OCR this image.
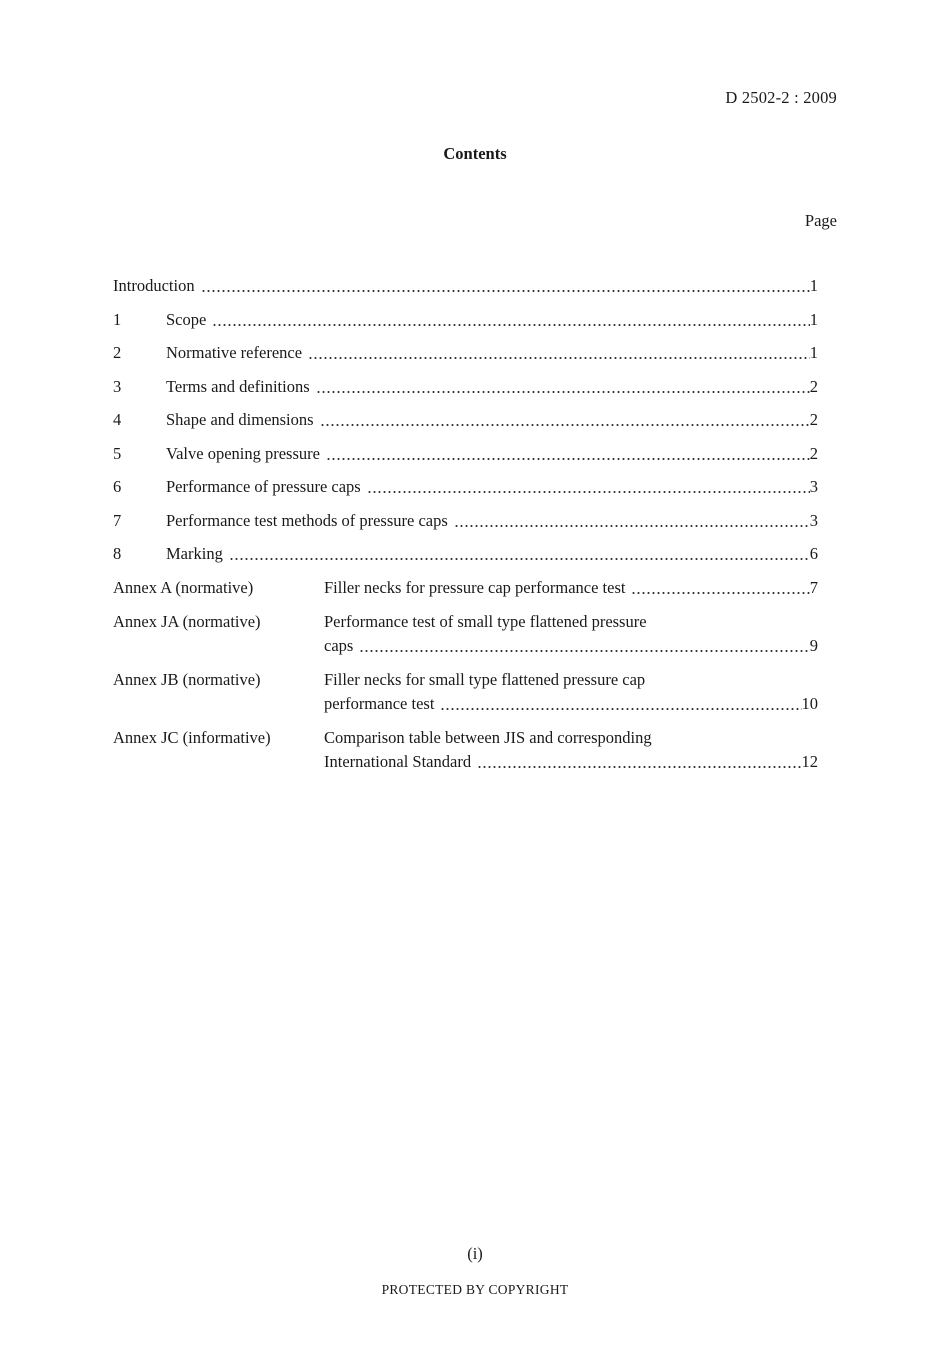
D 2502-2 : 2009
Contents
Page
Introduction	1
1	Scope	1
2	Normative reference	1
3	Terms and definitions	2
4	Shape and dimensions	2
5	Valve opening pressure	2
6	Performance of pressure caps	3
7	Performance test methods of pressure caps	3
8	Marking	6
Annex A (normative)	Filler necks for pressure cap performance test	7
Annex JA (normative)	Performance test of small type flattened pressure
caps	9
Annex JB (normative)	Filler necks for small type flattened pressure cap
performance test	10
Annex JC (informative)	Comparison table between JIS and corresponding
International Standard	12
(i)
PROTECTED BY COPYRIGHT
